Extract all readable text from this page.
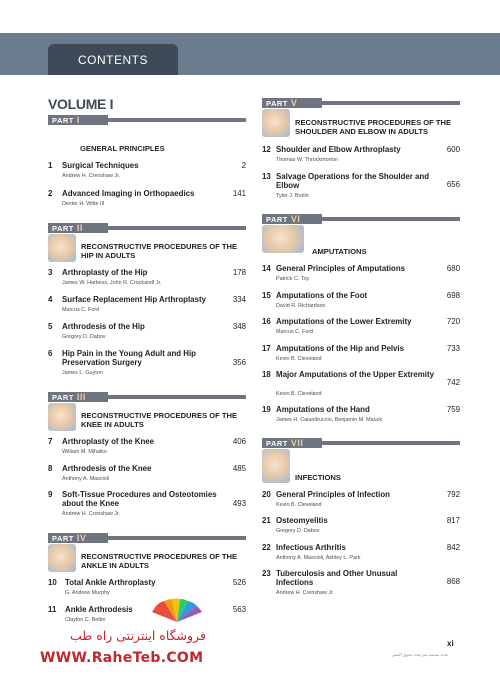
CONTENTS
VOLUME I
PART I
GENERAL PRINCIPLES
1	Surgical Techniques	2
Andrew H. Crenshaw Jr.
2	Advanced Imaging in Orthopaedics	141
Dexter H. Witte III
PART II
RECONSTRUCTIVE PROCEDURES OF THE HIP IN ADULTS
3	Arthroplasty of the Hip	178
James W. Harkess, John R. Crockarell Jr.
4	Surface Replacement Hip Arthroplasty	334
Marcus C. Ford
5	Arthrodesis of the Hip	348
Gregory D. Dabov
6	Hip Pain in the Young Adult and Hip Preservation Surgery	356
James L. Guyton
PART III
RECONSTRUCTIVE PROCEDURES OF THE KNEE IN ADULTS
7	Arthroplasty of the Knee	406
William M. Mihalko
8	Arthrodesis of the Knee	485
Anthony A. Mascioli
9	Soft-Tissue Procedures and Osteotomies about the Knee	493
Andrew H. Crenshaw Jr.
PART IV
RECONSTRUCTIVE PROCEDURES OF THE ANKLE IN ADULTS
10	Total Ankle Arthroplasty	526
G. Andrew Murphy
11	Ankle Arthrodesis	563
Clayton C. Bettin
PART V
RECONSTRUCTIVE PROCEDURES OF THE SHOULDER AND ELBOW IN ADULTS
12 Shoulder and Elbow Arthroplasty	600
Thomas W. Throckmorton
13 Salvage Operations for the Shoulder and Elbow	656
Tyler J. Brolin
PART VI
AMPUTATIONS
14 General Principles of Amputations	680
Patrick C. Toy
15 Amputations of the Foot	698
David R. Richardson
16 Amputations of the Lower Extremity	720
Marcus C. Ford
17 Amputations of the Hip and Pelvis	733
Kevin B. Cleveland
18 Major Amputations of the Upper Extremity
742
Kevin B. Cleveland
19 Amputations of the Hand	759
James H. Calandruccio, Benjamin M. Mauck
PART VII
INFECTIONS
20 General Principles of Infection	792
Kevin B. Cleveland
21 Osteomyelitis	817
Gregory D. Dabov
22 Infectious Arthritis	842
Anthony A. Mascioli, Ashley L. Park
23 Tuberculosis and Other Unusual Infections	868
Andrew H. Crenshaw Jr.
فروشگاه اینترنتی راه طب
WWW.RaheTeb.COM
xi
ماده محمیه مترجمه حقوق النشر
